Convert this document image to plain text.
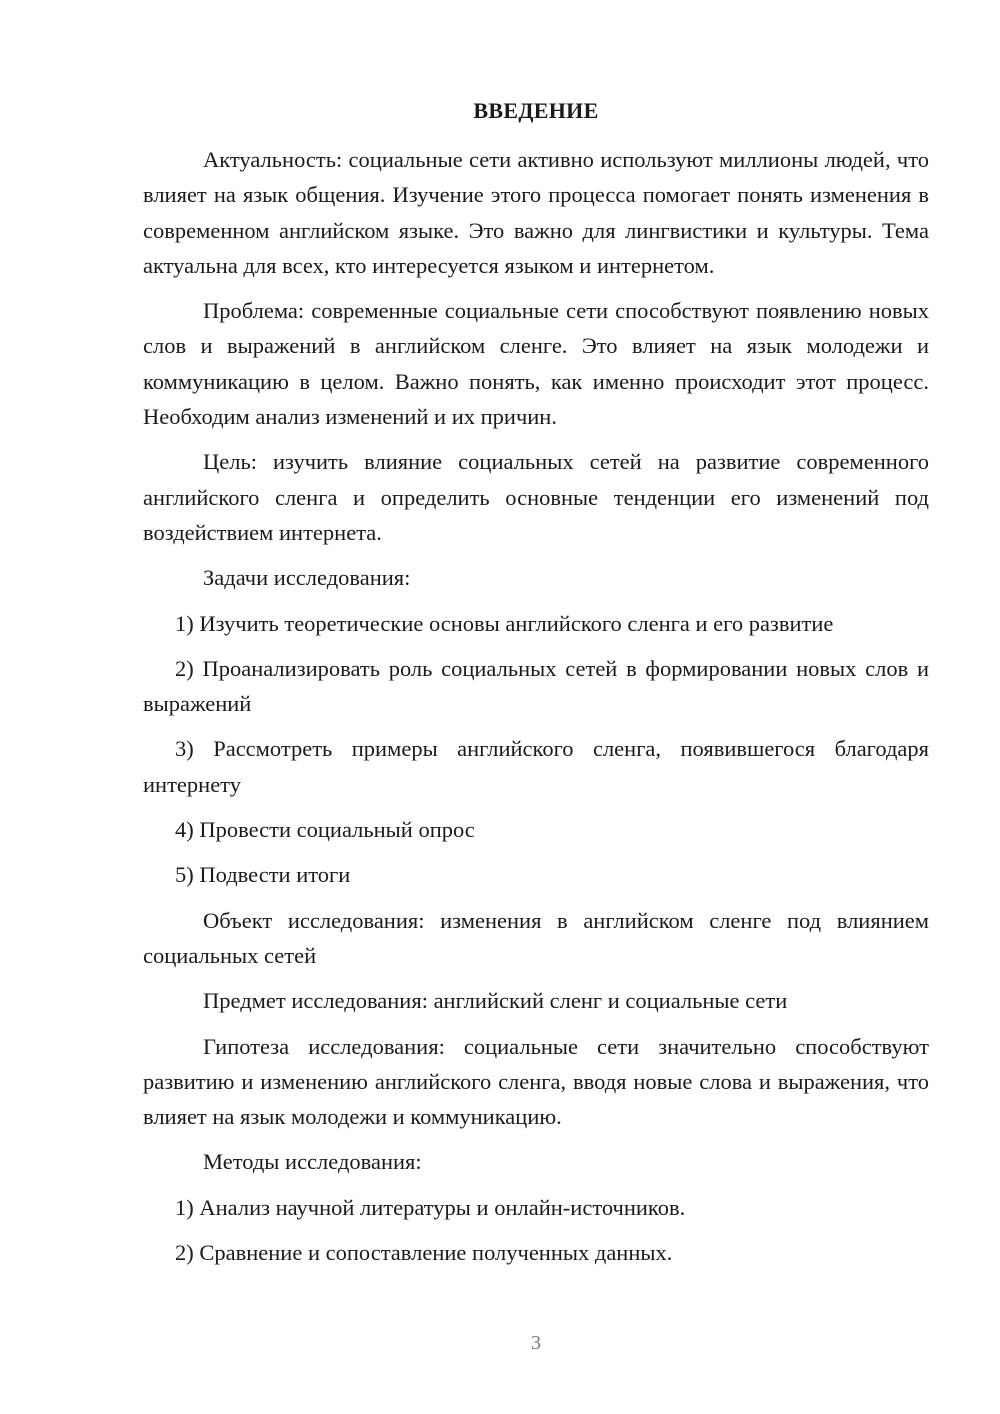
ВВЕДЕНИЕ

Актуальность: социальные сети активно используют миллионы людей, что влияет на язык общения. Изучение этого процесса помогает понять изменения в современном английском языке. Это важно для лингвистики и культуры. Тема актуальна для всех, кто интересуется языком и интернетом.

Проблема: современные социальные сети способствуют появлению новых слов и выражений в английском сленге. Это влияет на язык молодежи и коммуникацию в целом. Важно понять, как именно происходит этот процесс. Необходим анализ изменений и их причин.

Цель: изучить влияние социальных сетей на развитие современного английского сленга и определить основные тенденции его изменений под воздействием интернета.

Задачи исследования:

1) Изучить теоретические основы английского сленга и его развитие

2) Проанализировать роль социальных сетей в формировании новых слов и выражений

3) Рассмотреть примеры английского сленга, появившегося благодаря интернету

4) Провести социальный опрос

5) Подвести итоги

Объект исследования: изменения в английском сленге под влиянием социальных сетей

Предмет исследования: английский сленг и социальные сети

Гипотеза исследования: социальные сети значительно способствуют развитию и изменению английского сленга, вводя новые слова и выражения, что влияет на язык молодежи и коммуникацию.

Методы исследования:

1) Анализ научной литературы и онлайн-источников.

2) Сравнение и сопоставление полученных данных.

3
